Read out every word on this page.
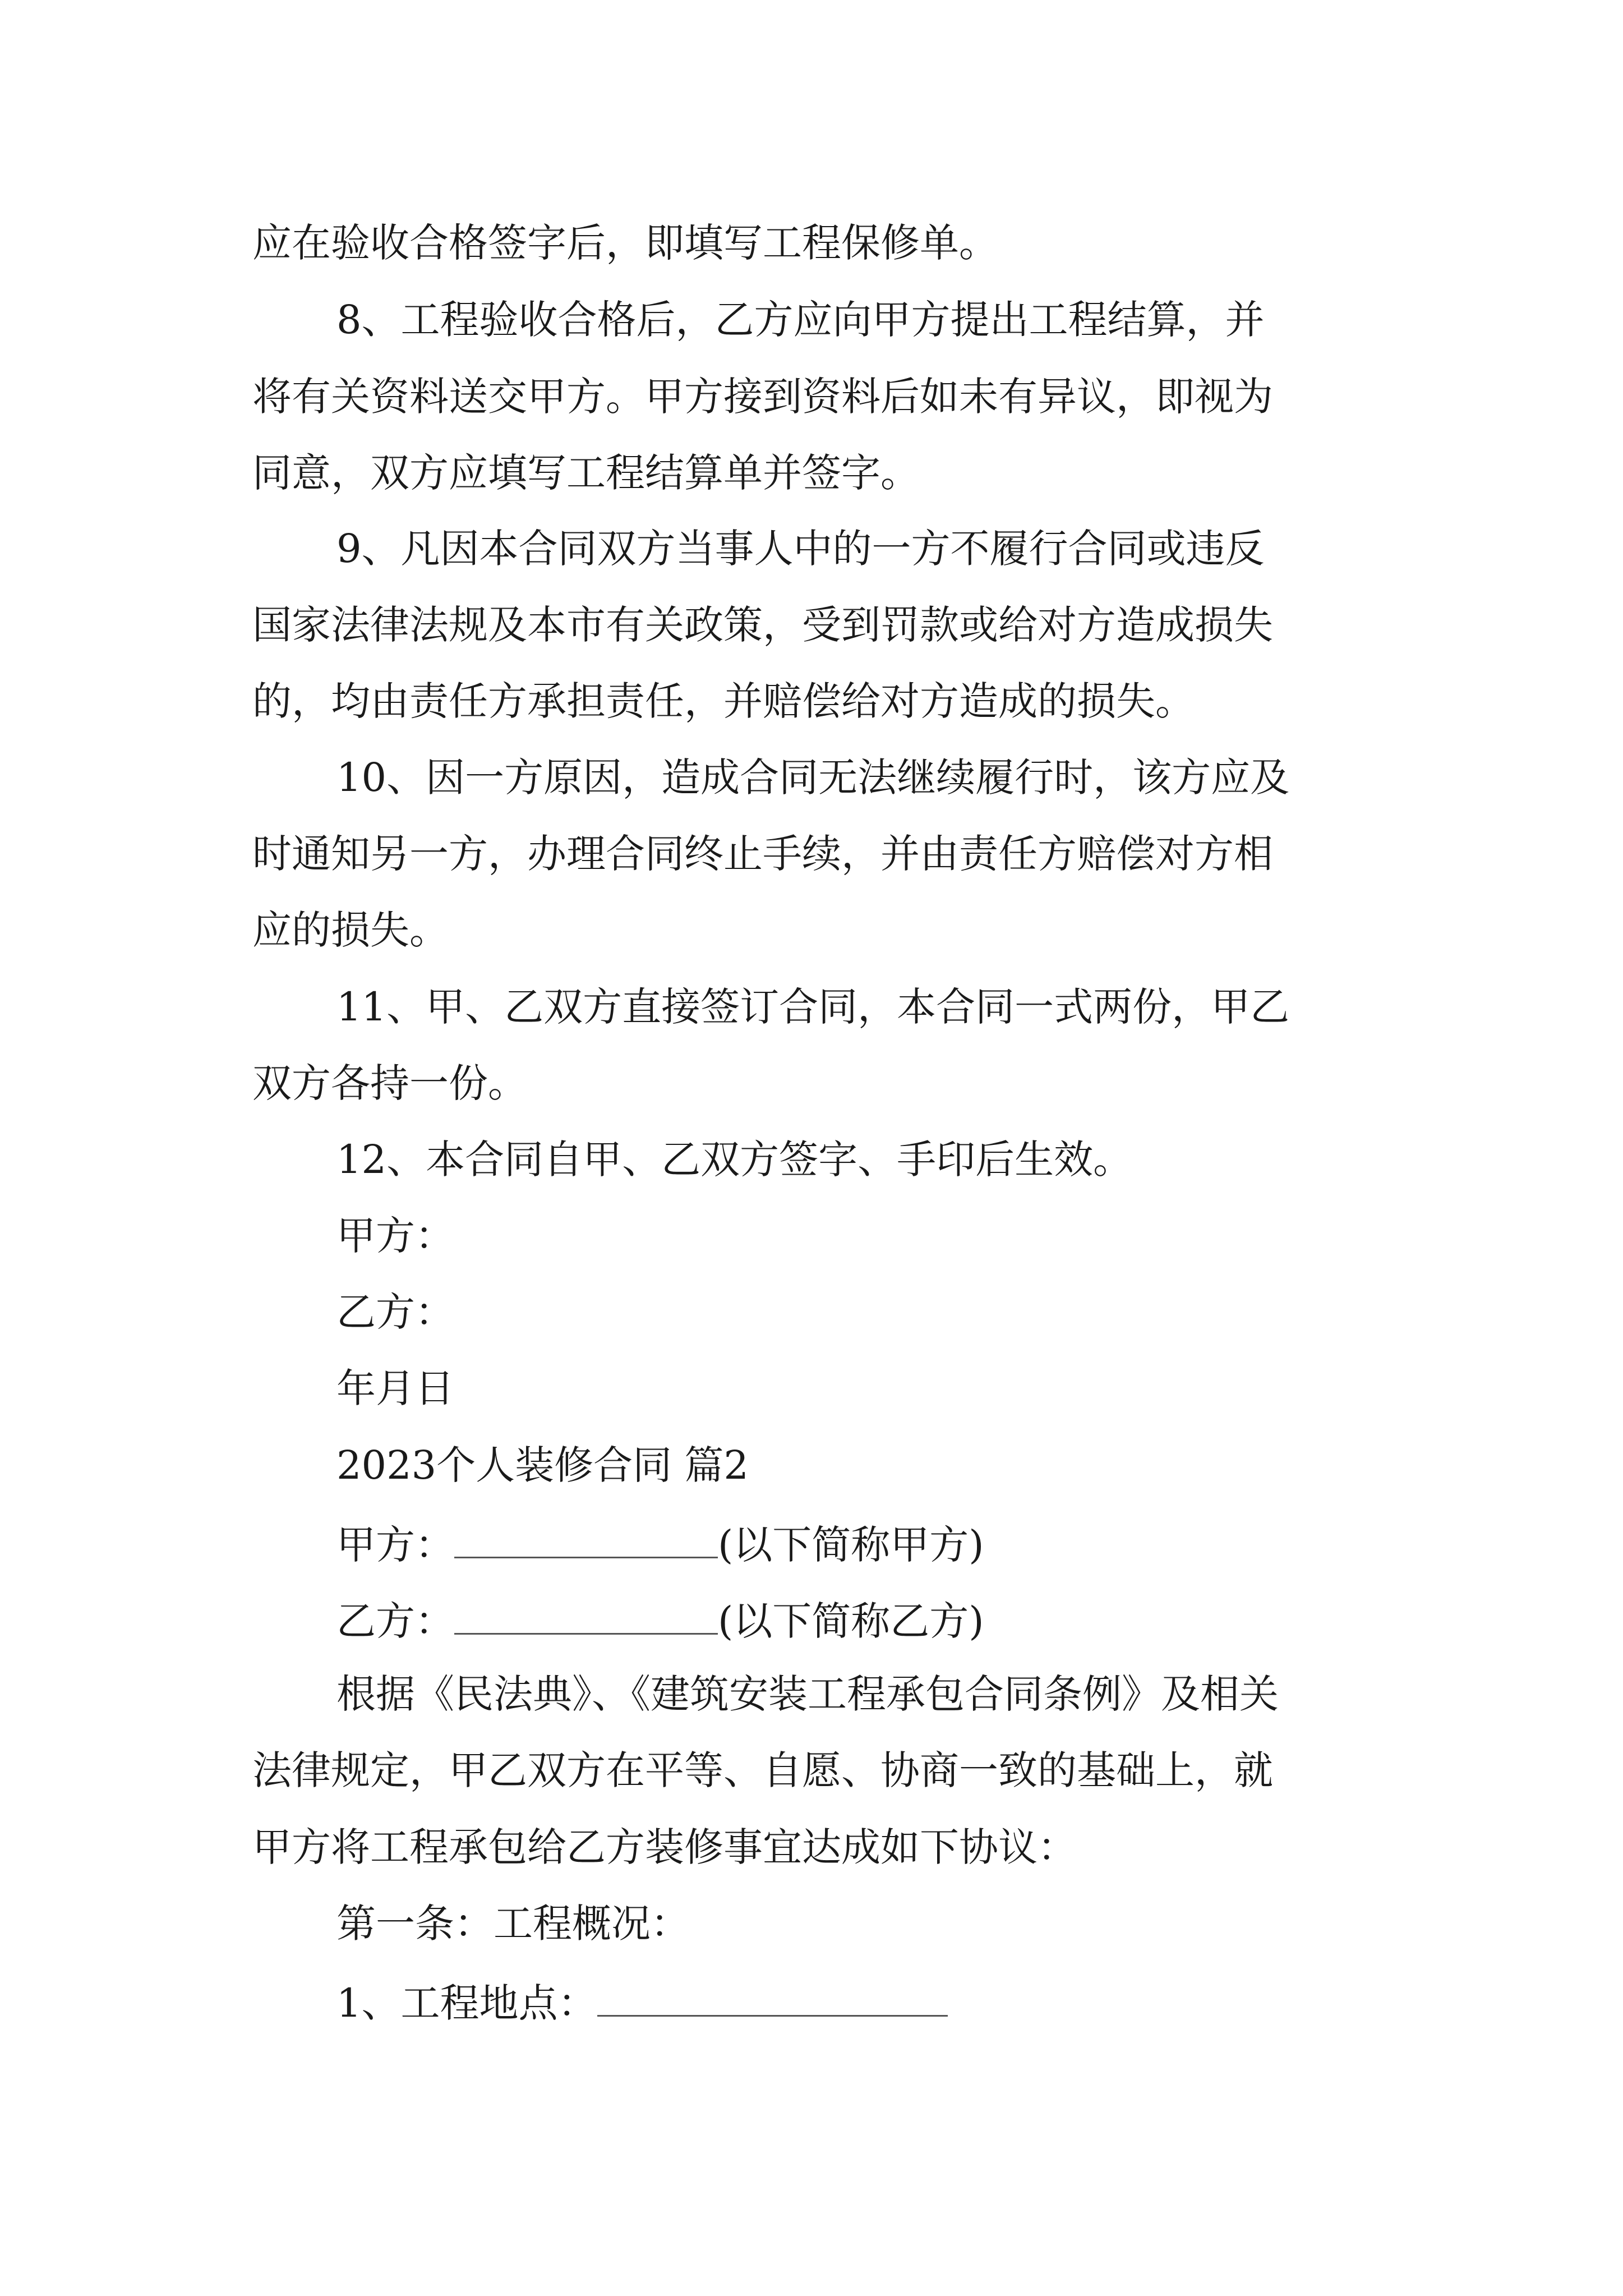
应在验收合格签字后，即填写工程保修单。
8、工程验收合格后，乙方应向甲方提出工程结算，并
将有关资料送交甲方。甲方接到资料后如未有异议，即视为
同意，双方应填写工程结算单并签字。
9、凡因本合同双方当事人中的一方不履行合同或违反
国家法律法规及本市有关政策，受到罚款或给对方造成损失
的，均由责任方承担责任，并赔偿给对方造成的损失。
10、因一方原因，造成合同无法继续履行时，该方应及
时通知另一方，办理合同终止手续，并由责任方赔偿对方相
应的损失。
11、甲、乙双方直接签订合同，本合同一式两份，甲乙
双方各持一份。
12、本合同自甲、乙双方签字、手印后生效。
甲方：
乙方：
年月日
2023个人装修合同 篇2
甲方：	(以下简称甲方)
乙方：	(以下简称乙方)
根据《民法典》、《建筑安装工程承包合同条例》及相关
法律规定，甲乙双方在平等、自愿、协商一致的基础上，就
甲方将工程承包给乙方装修事宜达成如下协议：
第一条：工程概况：
1、工程地点：
